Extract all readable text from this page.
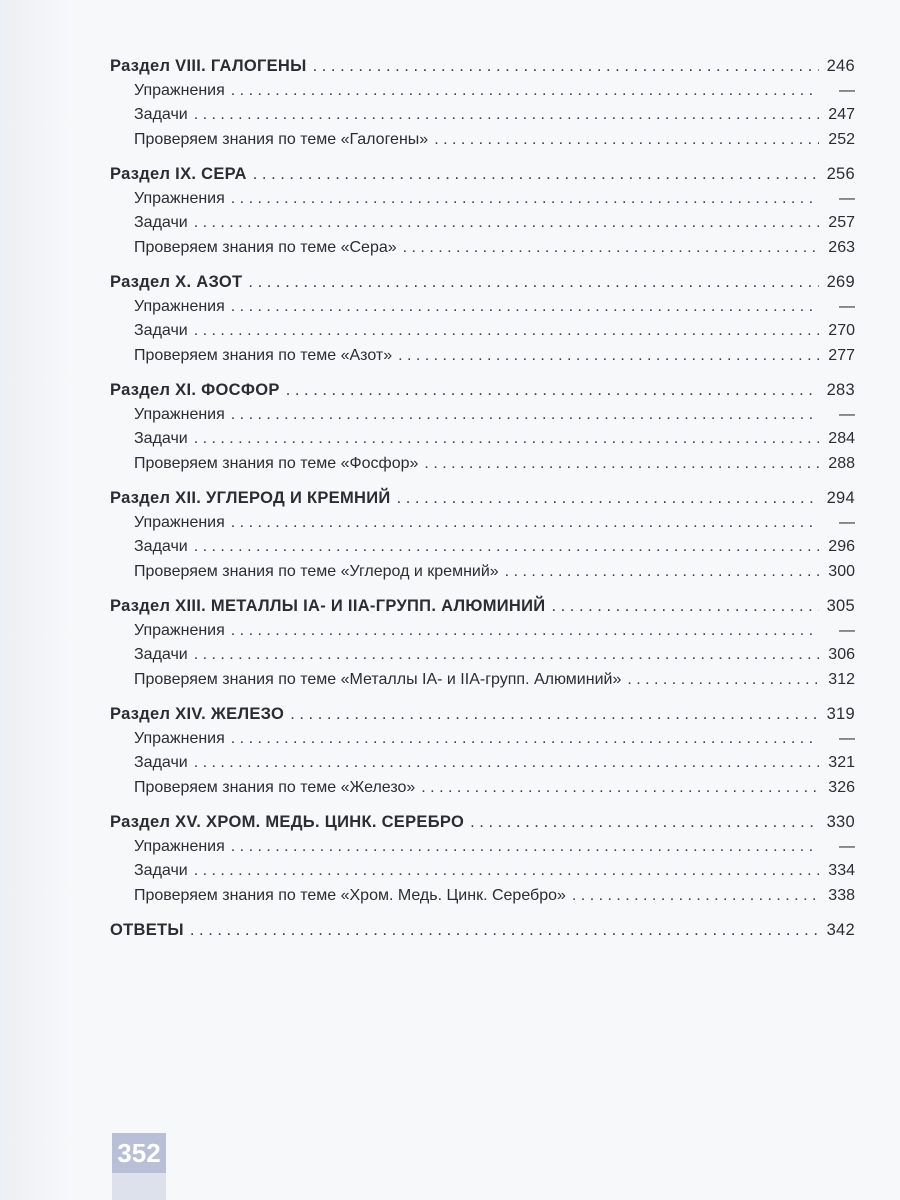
Раздел VIII. ГАЛОГЕНЫ . . .	246
Упражнения . . .	—
Задачи . . .	247
Проверяем знания по теме «Галогены» . . .	252
Раздел IX. СЕРА . . .	256
Упражнения . . .	—
Задачи . . .	257
Проверяем знания по теме «Сера» . . .	263
Раздел X. АЗОТ . . .	269
Упражнения . . .	—
Задачи . . .	270
Проверяем знания по теме «Азот» . . .	277
Раздел XI. ФОСФОР . . .	283
Упражнения . . .	—
Задачи . . .	284
Проверяем знания по теме «Фосфор» . . .	288
Раздел XII. УГЛЕРОД И КРЕМНИЙ . . .	294
Упражнения . . .	—
Задачи . . .	296
Проверяем знания по теме «Углерод и кремний» . . .	300
Раздел XIII. МЕТАЛЛЫ IA- И IIA-ГРУПП. АЛЮМИНИЙ . . .	305
Упражнения . . .	—
Задачи . . .	306
Проверяем знания по теме «Металлы IA- и IIA-групп. Алюминий» . . .	312
Раздел XIV. ЖЕЛЕЗО . . .	319
Упражнения . . .	—
Задачи . . .	321
Проверяем знания по теме «Железо» . . .	326
Раздел XV. ХРОМ. МЕДЬ. ЦИНК. СЕРЕБРО . . .	330
Упражнения . . .	—
Задачи . . .	334
Проверяем знания по теме «Хром. Медь. Цинк. Серебро» . . .	338
ОТВЕТЫ . . .	342
352
